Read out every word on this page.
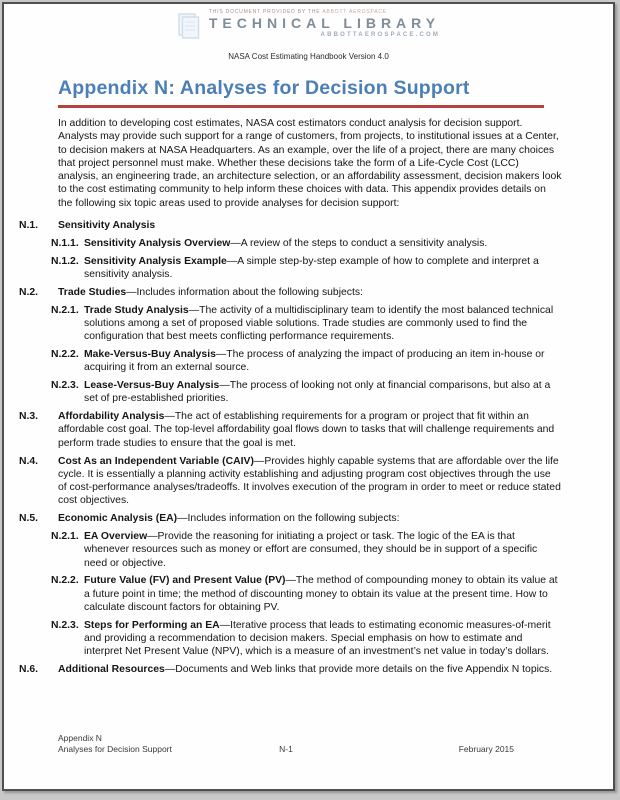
THIS DOCUMENT PROVIDED BY THE ABBOTT AEROSPACE
TECHNICAL LIBRARY
ABBOTTAEROSPACE.COM
NASA Cost Estimating Handbook Version 4.0
Appendix N: Analyses for Decision Support

In addition to developing cost estimates, NASA cost estimators conduct analysis for decision support. Analysts may provide such support for a range of customers, from projects, to institutional issues at a Center, to decision makers at NASA Headquarters. As an example, over the life of a project, there are many choices that project personnel must make. Whether these decisions take the form of a Life-Cycle Cost (LCC) analysis, an engineering trade, an architecture selection, or an affordability assessment, decision makers look to the cost estimating community to help inform these choices with data. This appendix provides details on the following six topic areas used to provide analyses for decision support:

N.1.	Sensitivity Analysis
N.1.1. Sensitivity Analysis Overview—A review of the steps to conduct a sensitivity analysis.
N.1.2. Sensitivity Analysis Example—A simple step-by-step example of how to complete and interpret a sensitivity analysis.
N.2.	Trade Studies—Includes information about the following subjects:
N.2.1. Trade Study Analysis—The activity of a multidisciplinary team to identify the most balanced technical solutions among a set of proposed viable solutions. Trade studies are commonly used to find the configuration that best meets conflicting performance requirements.
N.2.2. Make-Versus-Buy Analysis—The process of analyzing the impact of producing an item in-house or acquiring it from an external source.
N.2.3. Lease-Versus-Buy Analysis—The process of looking not only at financial comparisons, but also at a set of pre-established priorities.
N.3.	Affordability Analysis—The act of establishing requirements for a program or project that fit within an affordable cost goal. The top-level affordability goal flows down to tasks that will challenge requirements and perform trade studies to ensure that the goal is met.
N.4.	Cost As an Independent Variable (CAIV)—Provides highly capable systems that are affordable over the life cycle. It is essentially a planning activity establishing and adjusting program cost objectives through the use of cost-performance analyses/tradeoffs. It involves execution of the program in order to meet or reduce stated cost objectives.
N.5.	Economic Analysis (EA)—Includes information on the following subjects:
N.2.1. EA Overview—Provide the reasoning for initiating a project or task. The logic of the EA is that whenever resources such as money or effort are consumed, they should be in support of a specific need or objective.
N.2.2. Future Value (FV) and Present Value (PV)—The method of compounding money to obtain its value at a future point in time; the method of discounting money to obtain its value at the present time. How to calculate discount factors for obtaining PV.
N.2.3. Steps for Performing an EA—Iterative process that leads to estimating economic measures-of-merit and providing a recommendation to decision makers. Special emphasis on how to estimate and interpret Net Present Value (NPV), which is a measure of an investment’s net value in today’s dollars.
N.6.	Additional Resources—Documents and Web links that provide more details on the five Appendix N topics.
Appendix N
Analyses for Decision Support	N-1	February 2015
